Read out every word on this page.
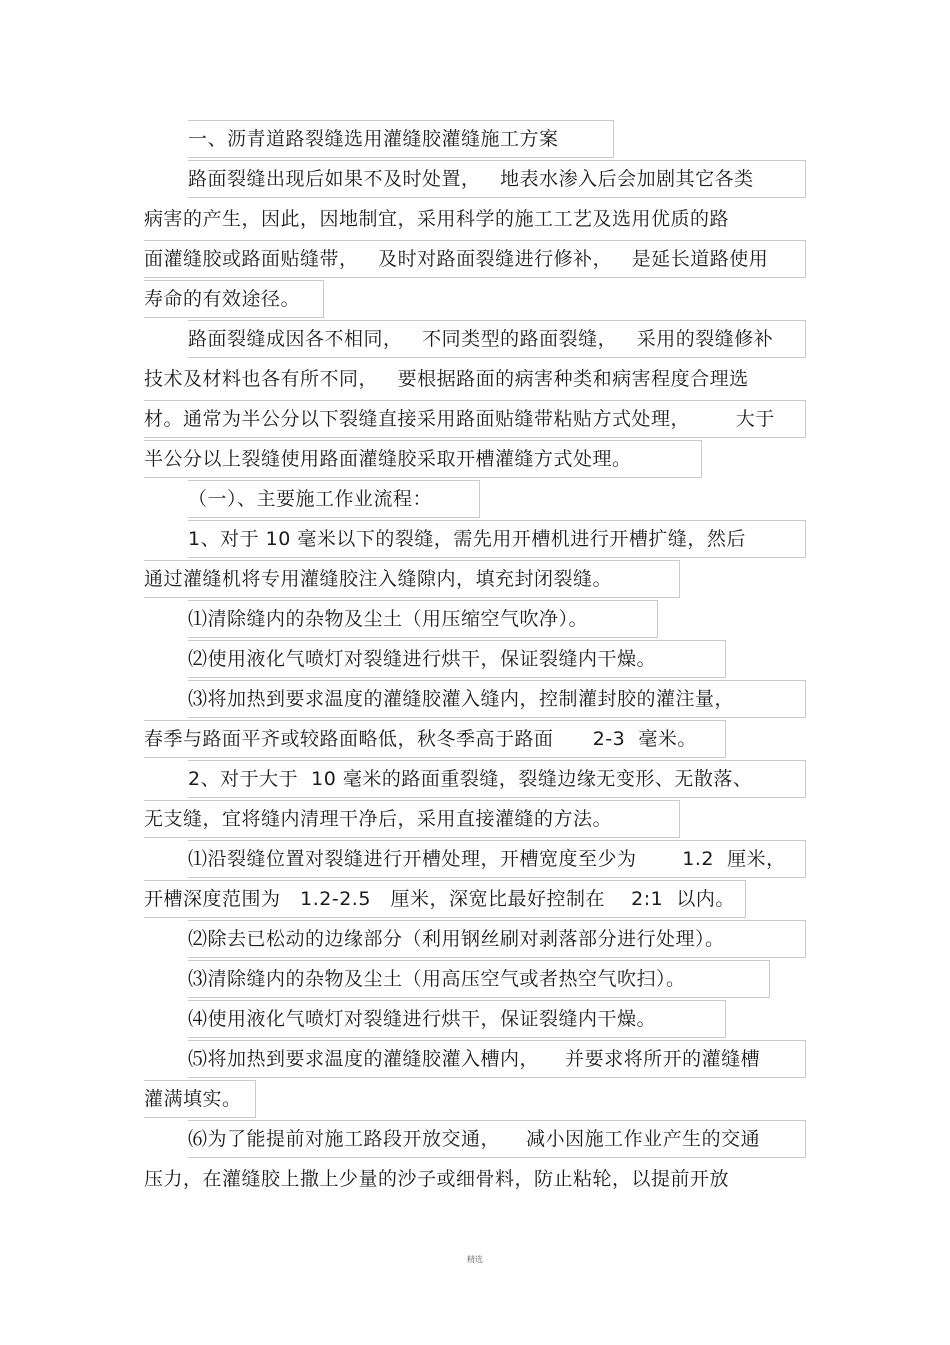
一、沥青道路裂缝选用灌缝胶灌缝施工方案
路面裂缝出现后如果不及时处置，   地表水渗入后会加剧其它各类
病害的产生，因此，因地制宜，采用科学的施工工艺及选用优质的路
面灌缝胶或路面贴缝带，   及时对路面裂缝进行修补，   是延长道路使用
寿命的有效途径。
路面裂缝成因各不相同，   不同类型的路面裂缝，   采用的裂缝修补
技术及材料也各有所不同，   要根据路面的病害种类和病害程度合理选
材。通常为半公分以下裂缝直接采用路面贴缝带粘贴方式处理，       大于
半公分以上裂缝使用路面灌缝胶采取开槽灌缝方式处理。
（一）、主要施工作业流程：
1、对于 10 毫米以下的裂缝，需先用开槽机进行开槽扩缝，然后
通过灌缝机将专用灌缝胶注入缝隙内，填充封闭裂缝。
⑴清除缝内的杂物及尘土（用压缩空气吹净）。
⑵使用液化气喷灯对裂缝进行烘干，保证裂缝内干燥。
⑶将加热到要求温度的灌缝胶灌入缝内，控制灌封胶的灌注量，
春季与路面平齐或较路面略低，秋冬季高于路面      2-3  毫米。
2、对于大于  10 毫米的路面重裂缝，裂缝边缘无变形、无散落、
无支缝，宜将缝内清理干净后，采用直接灌缝的方法。
⑴沿裂缝位置对裂缝进行开槽处理，开槽宽度至少为       1.2  厘米，
开槽深度范围为   1.2-2.5   厘米，深宽比最好控制在    2:1  以内。
⑵除去已松动的边缘部分（利用钢丝刷对剥落部分进行处理）。
⑶清除缝内的杂物及尘土（用高压空气或者热空气吹扫）。
⑷使用液化气喷灯对裂缝进行烘干，保证裂缝内干燥。
⑸将加热到要求温度的灌缝胶灌入槽内，    并要求将所开的灌缝槽
灌满填实。
⑹为了能提前对施工路段开放交通，    减小因施工作业产生的交通
压力，在灌缝胶上撒上少量的沙子或细骨料，防止粘轮，以提前开放
精选
